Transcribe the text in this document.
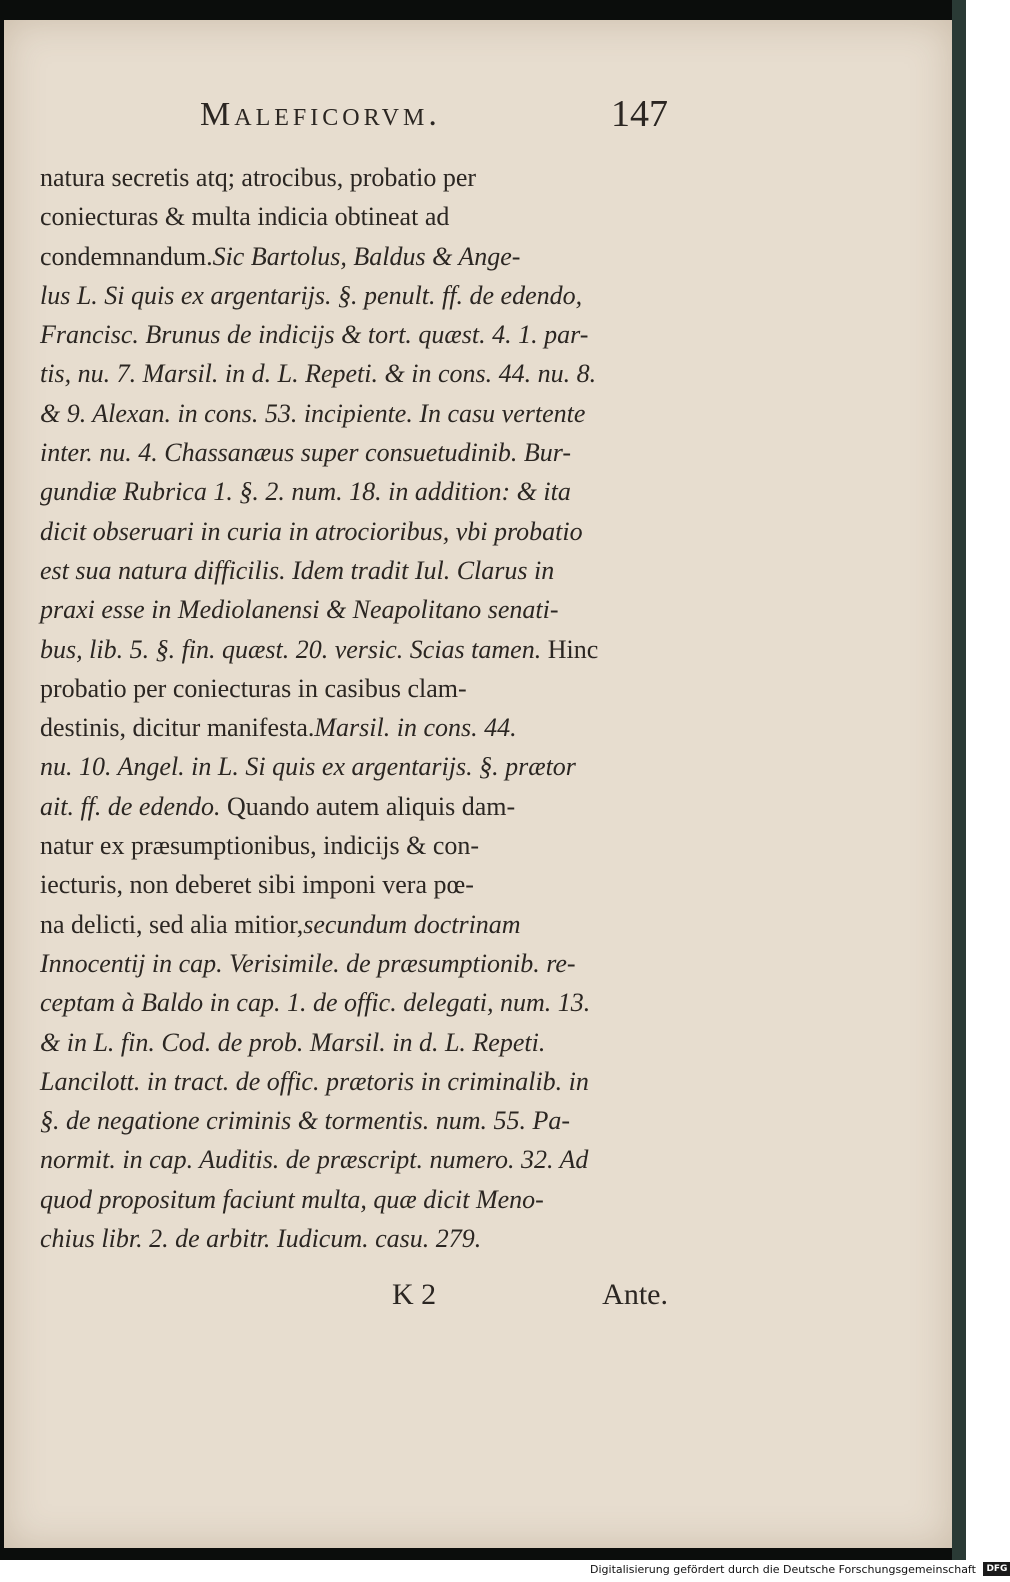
Maleficorvm.	147
natura secretis atq; atrocibus, probatio per
coniecturas & multa indicia obtineat ad
condemnandum.Sic Bartolus, Baldus & Ange-
lus L. Si quis ex argentarijs. §. penult. ff. de edendo,
Francisc. Brunus de indicijs & tort. quæst. 4. 1. par-
tis, nu. 7. Marsil. in d. L. Repeti. & in cons. 44. nu. 8.
& 9. Alexan. in cons. 53. incipiente. In casu vertente
inter. nu. 4. Chassanæus super consuetudinib. Bur-
gundiæ Rubrica 1. §. 2. num. 18. in addition: & ita
dicit obseruari in curia in atrocioribus, vbi probatio
est sua natura difficilis. Idem tradit Iul. Clarus in
praxi esse in Mediolanensi & Neapolitano senati-
bus, lib. 5. §. fin. quæst. 20. versic. Scias tamen. Hinc
probatio per coniecturas in casibus clam-
destinis, dicitur manifesta.Marsil. in cons. 44.
nu. 10. Angel. in L. Si quis ex argentarijs. §. prætor
ait. ff. de edendo. Quando autem aliquis dam-
natur ex præsumptionibus, indicijs & con-
iecturis, non deberet sibi imponi vera pœ-
na delicti, sed alia mitior,secundum doctrinam
Innocentij in cap. Verisimile. de præsumptionib. re-
ceptam à Baldo in cap. 1. de offic. delegati, num. 13.
& in L. fin. Cod. de prob. Marsil. in d. L. Repeti.
Lancilott. in tract. de offic. prætoris in criminalib. in
§. de negatione criminis & tormentis. num. 55. Pa-
normit. in cap. Auditis. de præscript. numero. 32. Ad
quod propositum faciunt multa, quæ dicit Meno-
chius libr. 2. de arbitr. Iudicum. casu. 279.
K 2	Ante.
Digitalisierung gefördert durch die Deutsche Forschungsgemeinschaft DFG
